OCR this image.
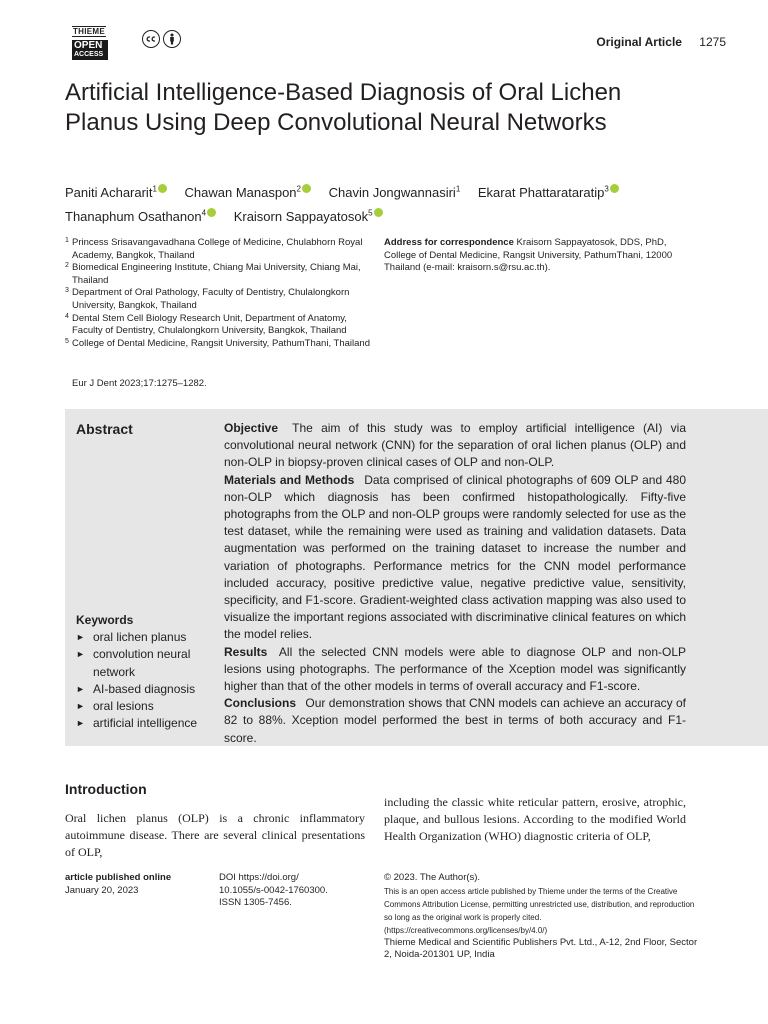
THIEME
OPEN
ACCESS
Original Article 1275
Artificial Intelligence-Based Diagnosis of Oral Lichen Planus Using Deep Convolutional Neural Networks
Paniti Achararit$^1$ Chawan Manaspon$^2$ Chavin Jongwannasiri$^1$ Ekarat Phattarataratip$^3$
Thanaphum Osathanon$^4$ Kraisorn Sappayatosok$^5$
1 Princess Srisavangavadhana College of Medicine, Chulabhorn Royal Academy, Bangkok, Thailand
2 Biomedical Engineering Institute, Chiang Mai University, Chiang Mai, Thailand
3 Department of Oral Pathology, Faculty of Dentistry, Chulalongkorn University, Bangkok, Thailand
4 Dental Stem Cell Biology Research Unit, Department of Anatomy, Faculty of Dentistry, Chulalongkorn University, Bangkok, Thailand
5 College of Dental Medicine, Rangsit University, PathumThani, Thailand
Address for correspondence Kraisorn Sappayatosok, DDS, PhD, College of Dental Medicine, Rangsit University, PathumThani, 12000 Thailand (e-mail: kraisorn.s@rsu.ac.th).
Eur J Dent 2023;17:1275–1282.
Abstract	Objective The aim of this study was to employ artificial intelligence (AI) via convolutional neural network (CNN) for the separation of oral lichen planus (OLP) and non-OLP in biopsy-proven clinical cases of OLP and non-OLP.

Materials and Methods Data comprised of clinical photographs of 609 OLP and 480 non-OLP which diagnosis has been confirmed histopathologically. Fifty-five photographs from the OLP and non-OLP groups were randomly selected for use as the test dataset, while the remaining were used as training and validation datasets. Data augmentation was performed on the training dataset to increase the number and variation of photographs. Performance metrics for the CNN model performance included accuracy, positive predictive value, negative predictive value, sensitivity, specificity, and F1-score. Gradient-weighted class activation mapping was also used to visualize the important regions associated with discriminative clinical features on which the model relies.

Results All the selected CNN models were able to diagnose OLP and non-OLP lesions using photographs. The performance of the Xception model was significantly higher than that of the other models in terms of overall accuracy and F1-score.

Conclusions Our demonstration shows that CNN models can achieve an accuracy of 82 to 88%. Xception model performed the best in terms of both accuracy and F1-score.

Keywords
► oral lichen planus
► convolution neural
network
► AI-based diagnosis
► oral lesions
► artificial intelligence
Introduction

Oral lichen planus (OLP) is a chronic inflammatory autoimmune disease. There are several clinical presentations of OLP,

including the classic white reticular pattern, erosive, atrophic, plaque, and bullous lesions. According to the modified World Health Organization (WHO) diagnostic criteria of OLP,

article published online
January 20, 2023
DOI https://doi.org/
10.1055/s-0042-1760300.
ISSN 1305-7456.
© 2023. The Author(s).
This is an open access article published by Thieme under the terms of the Creative Commons Attribution License, permitting unrestricted use, distribution, and reproduction so long as the original work is properly cited. (https://creativecommons.org/licenses/by/4.0/)
Thieme Medical and Scientific Publishers Pvt. Ltd., A-12, 2nd Floor, Sector 2, Noida-201301 UP, India
